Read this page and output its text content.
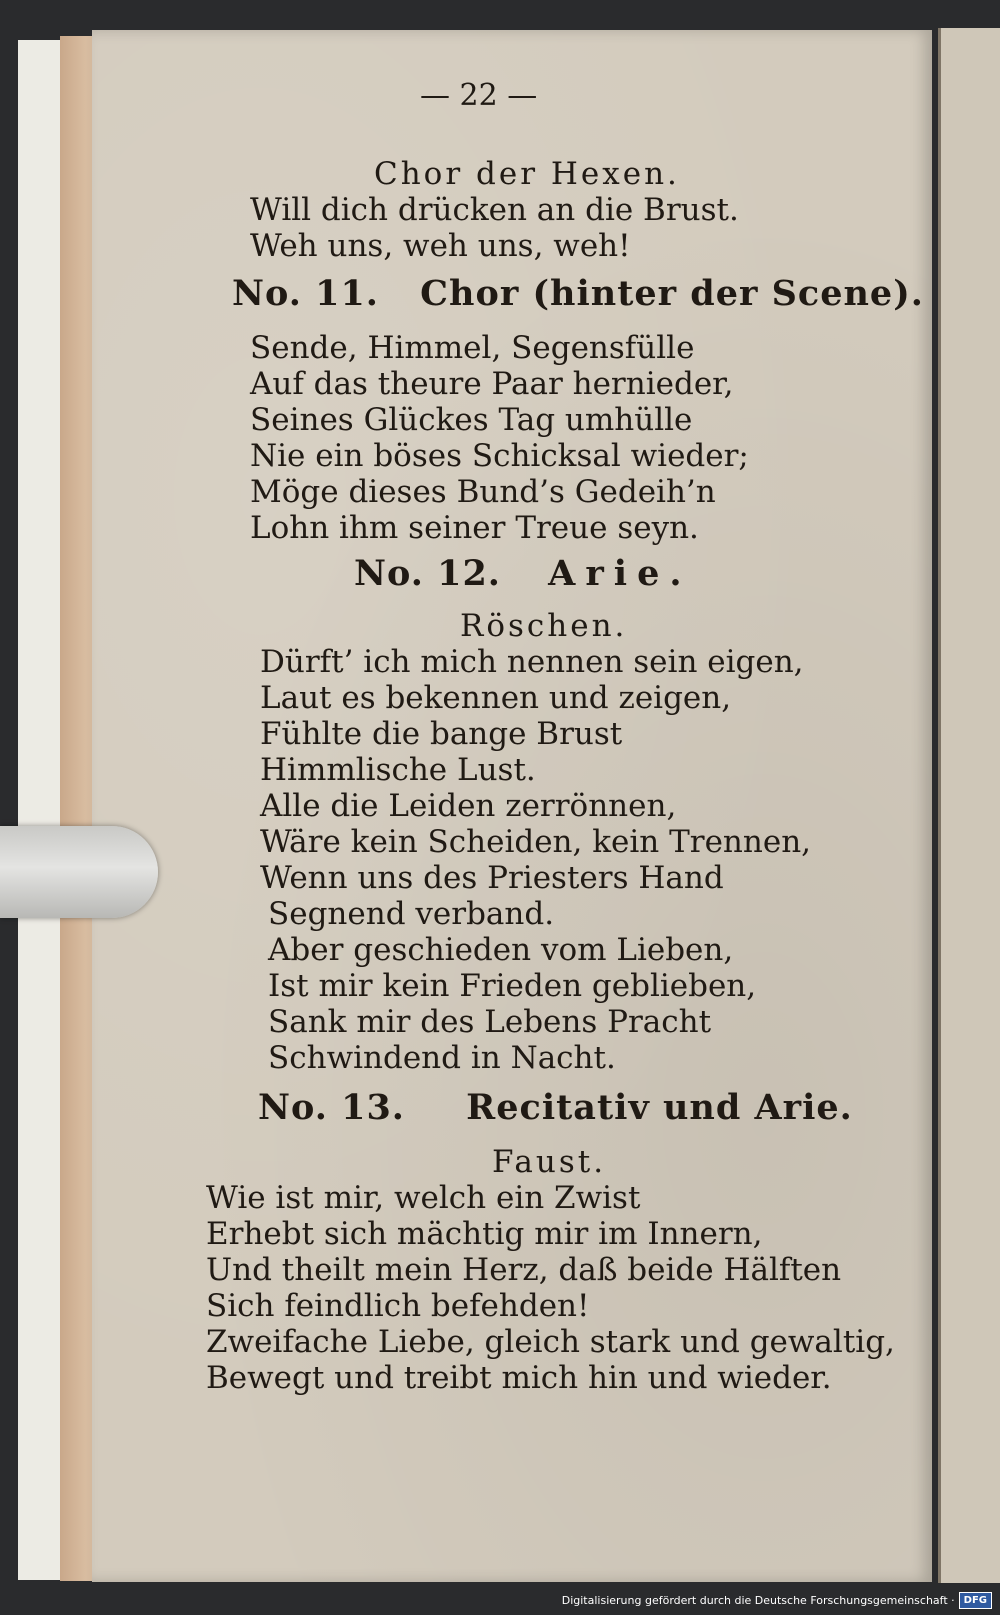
— 22 —
Chor der Hexen.
Will dich drücken an die Brust.
Weh uns, weh uns, weh!
No. 11. Chor (hinter der Scene).
Sende, Himmel, Segensfülle
Auf das theure Paar hernieder,
Seines Glückes Tag umhülle
Nie ein böses Schicksal wieder;
Möge dieses Bund’s Gedeih’n
Lohn ihm seiner Treue seyn.
No. 12. Arie.
Röschen.
Dürft’ ich mich nennen sein eigen,
Laut es bekennen und zeigen,
Fühlte die bange Brust
Himmlische Lust.
Alle die Leiden zerrönnen,
Wäre kein Scheiden, kein Trennen,
Wenn uns des Priesters Hand
Segnend verband.
Aber geschieden vom Lieben,
Ist mir kein Frieden geblieben,
Sank mir des Lebens Pracht
Schwindend in Nacht.
No. 13. Recitativ und Arie.
Faust.
Wie ist mir, welch ein Zwist
Erhebt sich mächtig mir im Innern,
Und theilt mein Herz, daß beide Hälften
Sich feindlich befehden!
Zweifache Liebe, gleich stark und gewaltig,
Bewegt und treibt mich hin und wieder.
Digitalisierung gefördert durch die Deutsche Forschungsgemeinschaft · DFG
